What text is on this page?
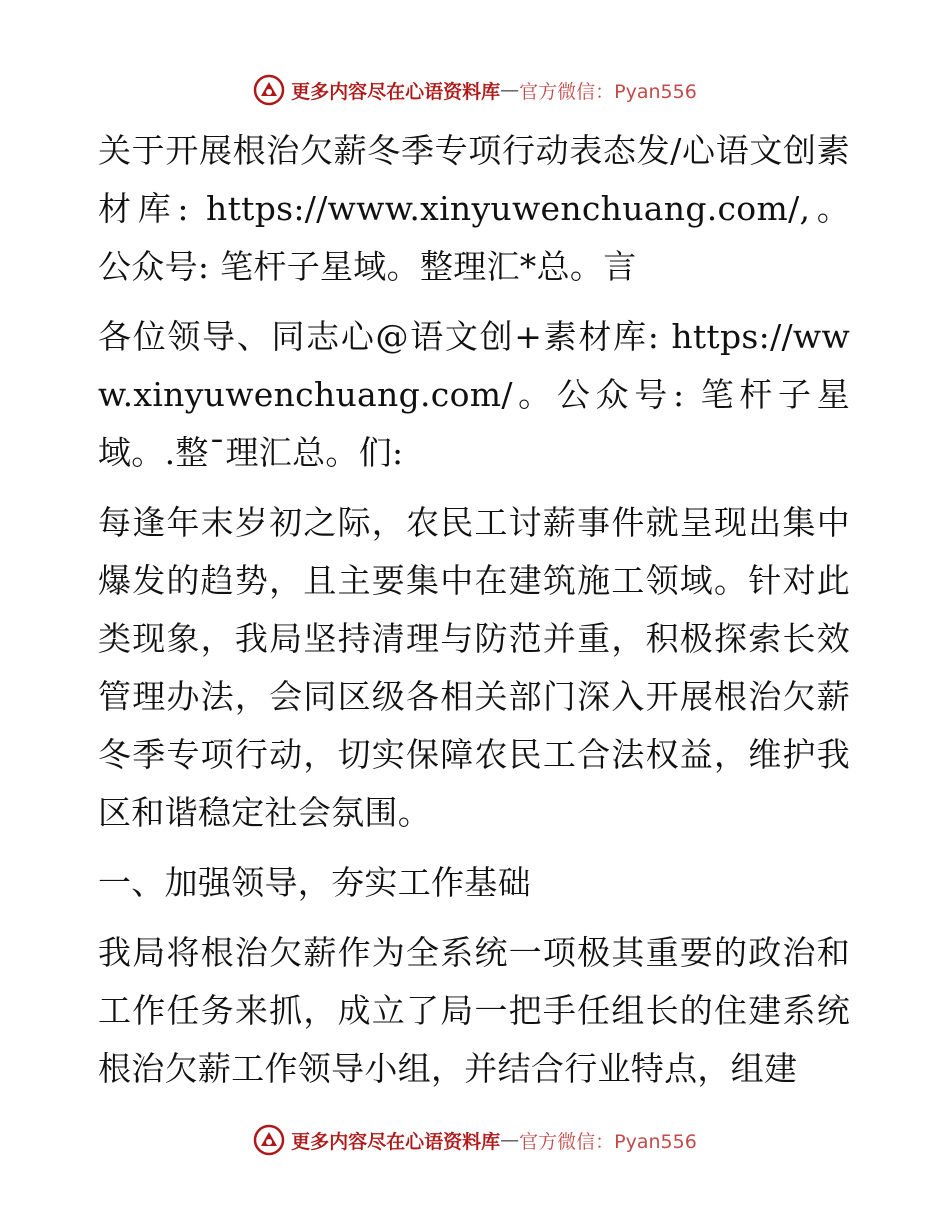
更多内容尽在心语资料库 — 官方微信：Pyan556

关于开展根治欠薪冬季专项行动表态发/心语文创素材库: https://www.xinyuwenchuang.com/,。公众号: 笔杆子星域。整理汇*总。言

各位领导、同志心@语文创+素材库: https://www.xinyuwenchuang.com/。公众号: 笔杆子星域。.整¯理汇总。们:

每逢年末岁初之际，农民工讨薪事件就呈现出集中爆发的趋势，且主要集中在建筑施工领域。针对此类现象，我局坚持清理与防范并重，积极探索长效管理办法，会同区级各相关部门深入开展根治欠薪冬季专项行动，切实保障农民工合法权益，维护我区和谐稳定社会氛围。

一、加强领导，夯实工作基础

我局将根治欠薪作为全系统一项极其重要的政治和工作任务来抓，成立了局一把手任组长的住建系统根治欠薪工作领导小组，并结合行业特点，组建

更多内容尽在心语资料库 — 官方微信：Pyan556
